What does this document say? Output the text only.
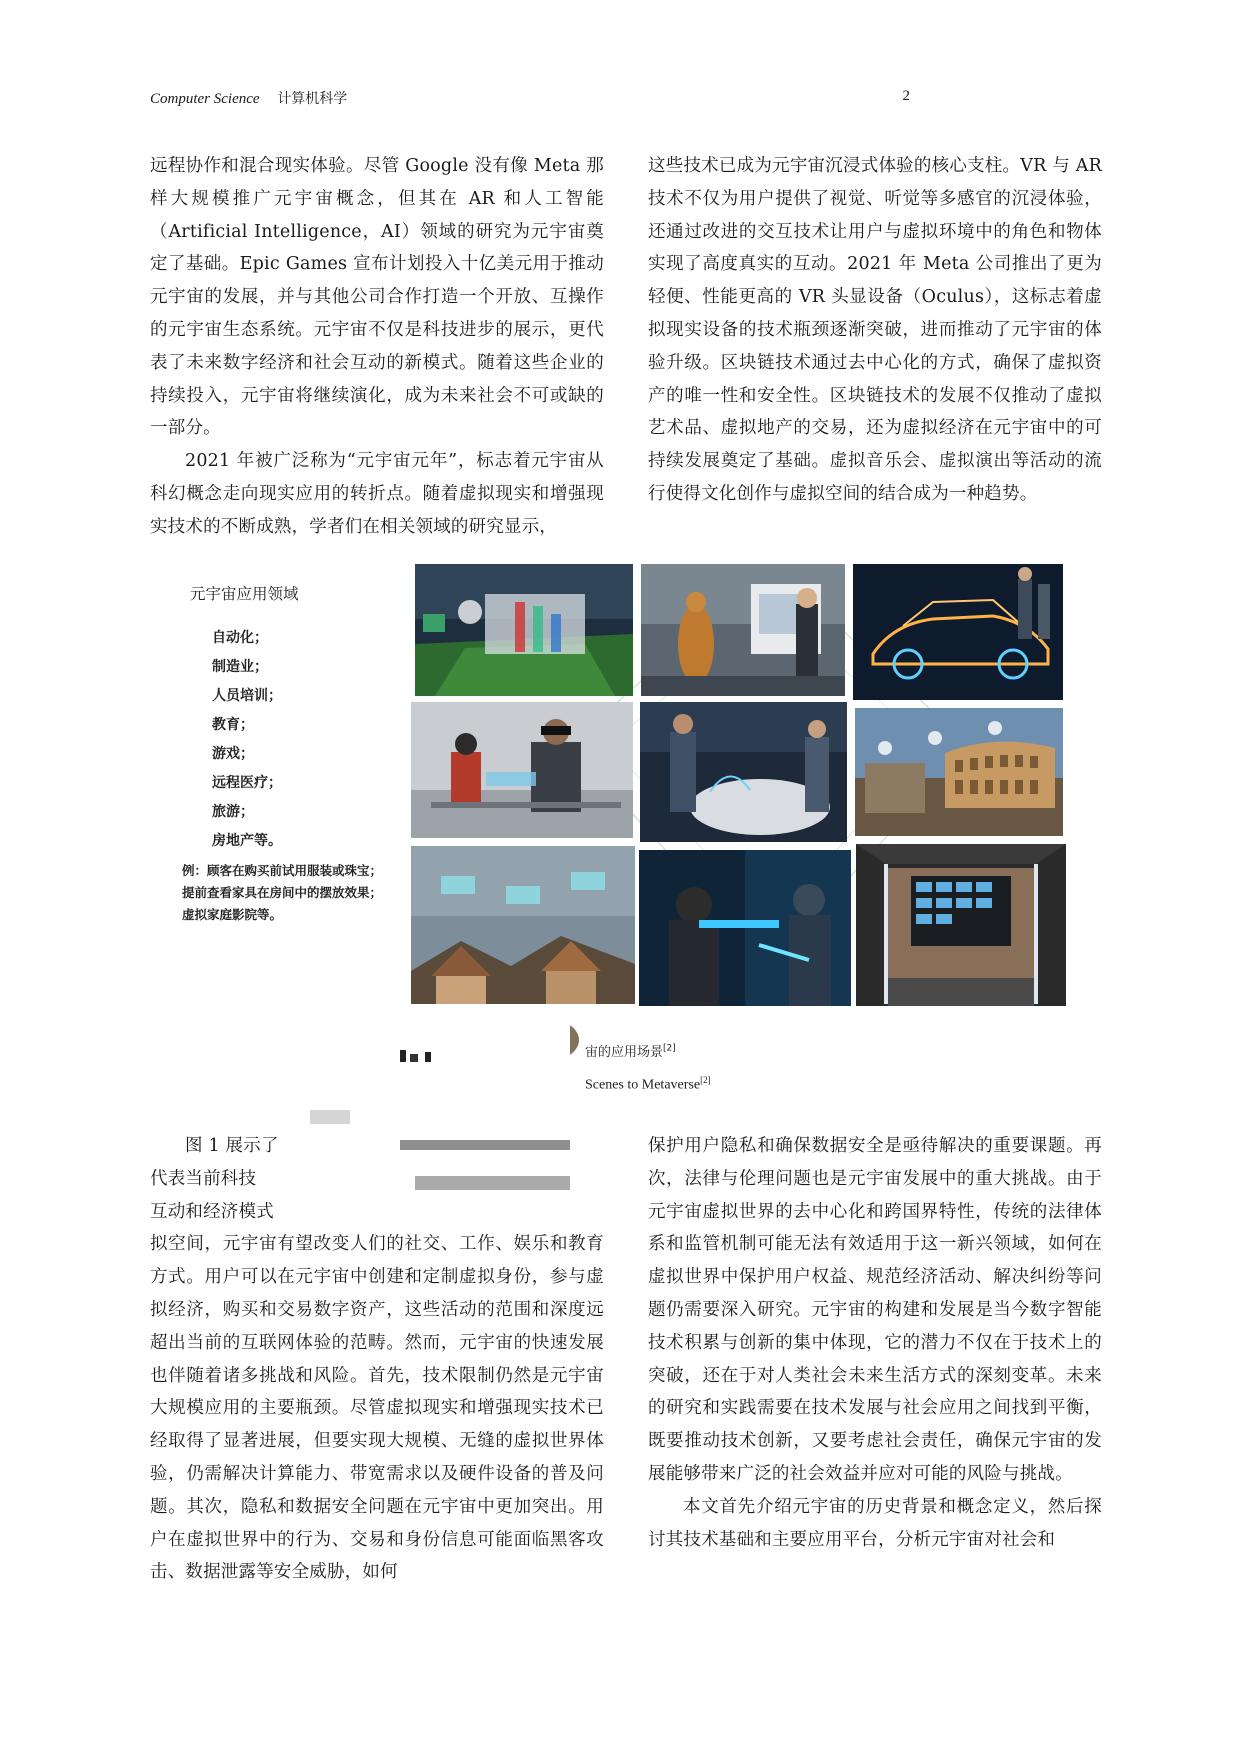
Computer Science 计算机科学	2

远程协作和混合现实体验。尽管 Google 没有像 Meta 那样大规模推广元宇宙概念，但其在 AR 和人工智能（Artificial Intelligence，AI）领域的研究为元宇宙奠定了基础。Epic Games 宣布计划投入十亿美元用于推动元宇宙的发展，并与其他公司合作打造一个开放、互操作的元宇宙生态系统。元宇宙不仅是科技进步的展示，更代表了未来数字经济和社会互动的新模式。随着这些企业的持续投入，元宇宙将继续演化，成为未来社会不可或缺的一部分。

2021 年被广泛称为“元宇宙元年”，标志着元宇宙从科幻概念走向现实应用的转折点。随着虚拟现实和增强现实技术的不断成熟，学者们在相关领域的研究显示，

这些技术已成为元宇宙沉浸式体验的核心支柱。VR 与 AR 技术不仅为用户提供了视觉、听觉等多感官的沉浸体验，还通过改进的交互技术让用户与虚拟环境中的角色和物体实现了高度真实的互动。2021 年 Meta 公司推出了更为轻便、性能更高的 VR 头显设备（Oculus），这标志着虚拟现实设备的技术瓶颈逐渐突破，进而推动了元宇宙的体验升级。区块链技术通过去中心化的方式，确保了虚拟资产的唯一性和安全性。区块链技术的发展不仅推动了虚拟艺术品、虚拟地产的交易，还为虚拟经济在元宇宙中的可持续发展奠定了基础。虚拟音乐会、虚拟演出等活动的流行使得文化创作与虚拟空间的结合成为一种趋势。

元宇宙应用领域
自动化；
制造业；
人员培训；
教育；
游戏；
远程医疗；
旅游；
房地产等。
例：顾客在购买前试用服装或珠宝；
提前查看家具在房间中的摆放效果；
虚拟家庭影院等。
宙的应用场景[2]
Scenes to Metaverse[2]

图 1 展示了

代表当前科技

互动和经济模式

拟空间，元宇宙有望改变人们的社交、工作、娱乐和教育方式。用户可以在元宇宙中创建和定制虚拟身份，参与虚拟经济，购买和交易数字资产，这些活动的范围和深度远超出当前的互联网体验的范畴。然而，元宇宙的快速发展也伴随着诸多挑战和风险。首先，技术限制仍然是元宇宙大规模应用的主要瓶颈。尽管虚拟现实和增强现实技术已经取得了显著进展，但要实现大规模、无缝的虚拟世界体验，仍需解决计算能力、带宽需求以及硬件设备的普及问题。其次，隐私和数据安全问题在元宇宙中更加突出。用户在虚拟世界中的行为、交易和身份信息可能面临黑客攻击、数据泄露等安全威胁，如何

保护用户隐私和确保数据安全是亟待解决的重要课题。再次，法律与伦理问题也是元宇宙发展中的重大挑战。由于元宇宙虚拟世界的去中心化和跨国界特性，传统的法律体系和监管机制可能无法有效适用于这一新兴领域，如何在虚拟世界中保护用户权益、规范经济活动、解决纠纷等问题仍需要深入研究。元宇宙的构建和发展是当今数字智能技术积累与创新的集中体现，它的潜力不仅在于技术上的突破，还在于对人类社会未来生活方式的深刻变革。未来的研究和实践需要在技术发展与社会应用之间找到平衡，既要推动技术创新，又要考虑社会责任，确保元宇宙的发展能够带来广泛的社会效益并应对可能的风险与挑战。

本文首先介绍元宇宙的历史背景和概念定义，然后探讨其技术基础和主要应用平台，分析元宇宙对社会和
